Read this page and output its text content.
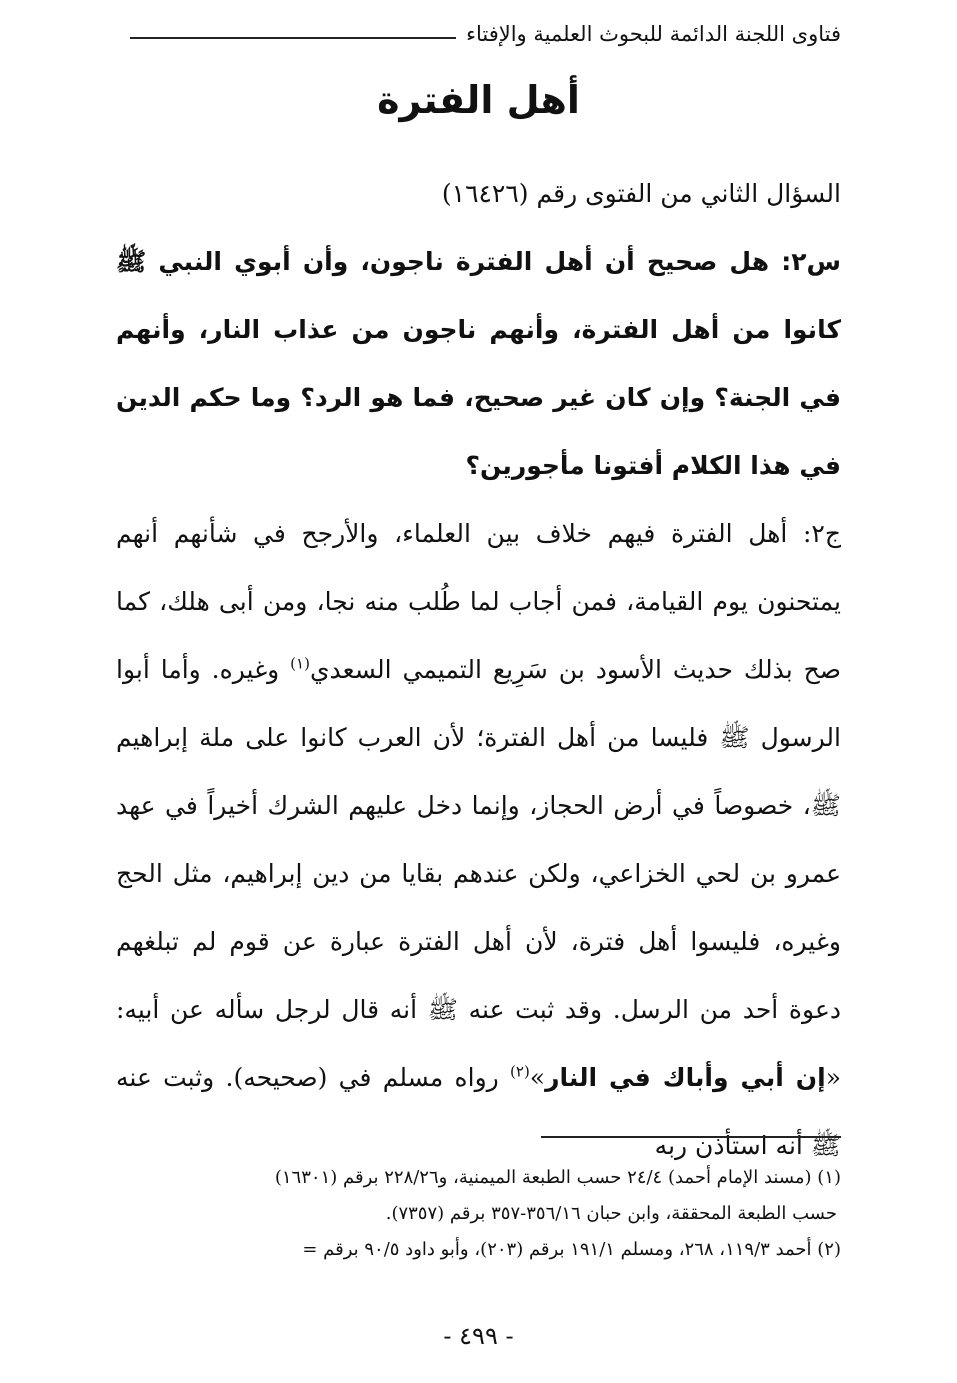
فتاوى اللجنة الدائمة للبحوث العلمية والإفتاء
أهل الفترة

السؤال الثاني من الفتوى رقم (١٦٤٢٦)

س٢: هل صحيح أن أهل الفترة ناجون، وأن أبوي النبي ﷺ كانوا من أهل الفترة، وأنهم ناجون من عذاب النار، وأنهم في الجنة؟ وإن كان غير صحيح، فما هو الرد؟ وما حكم الدين في هذا الكلام أفتونا مأجورين؟

ج٢: أهل الفترة فيهم خلاف بين العلماء، والأرجح في شأنهم أنهم يمتحنون يوم القيامة، فمن أجاب لما طُلب منه نجا، ومن أبى هلك، كما صح بذلك حديث الأسود بن سَرِيع التميمي السعدي$^{(١)}$ وغيره. وأما أبوا الرسول ﷺ فليسا من أهل الفترة؛ لأن العرب كانوا على ملة إبراهيم ﷺ، خصوصاً في أرض الحجاز، وإنما دخل عليهم الشرك أخيراً في عهد عمرو بن لحي الخزاعي، ولكن عندهم بقايا من دين إبراهيم، مثل الحج وغيره، فليسوا أهل فترة، لأن أهل الفترة عبارة عن قوم لم تبلغهم دعوة أحد من الرسل. وقد ثبت عنه ﷺ أنه قال لرجل سأله عن أبيه: «إن أبي وأباك في النار»$^{(٢)}$ رواه مسلم في (صحيحه). وثبت عنه ﷺ أنه استأذن ربه

(١) (مسند الإمام أحمد) ٢٤/٤ حسب الطبعة الميمنية، و٢٢٨/٢٦ برقم (١٦٣٠١)

حسب الطبعة المحققة، وابن حبان ٣٥٦/١٦-٣٥٧ برقم (٧٣٥٧).

(٢) أحمد ١١٩/٣، ٢٦٨، ومسلم ١٩١/١ برقم (٢٠٣)، وأبو داود ٩٠/٥ برقم =

- ٤٩٩ -
